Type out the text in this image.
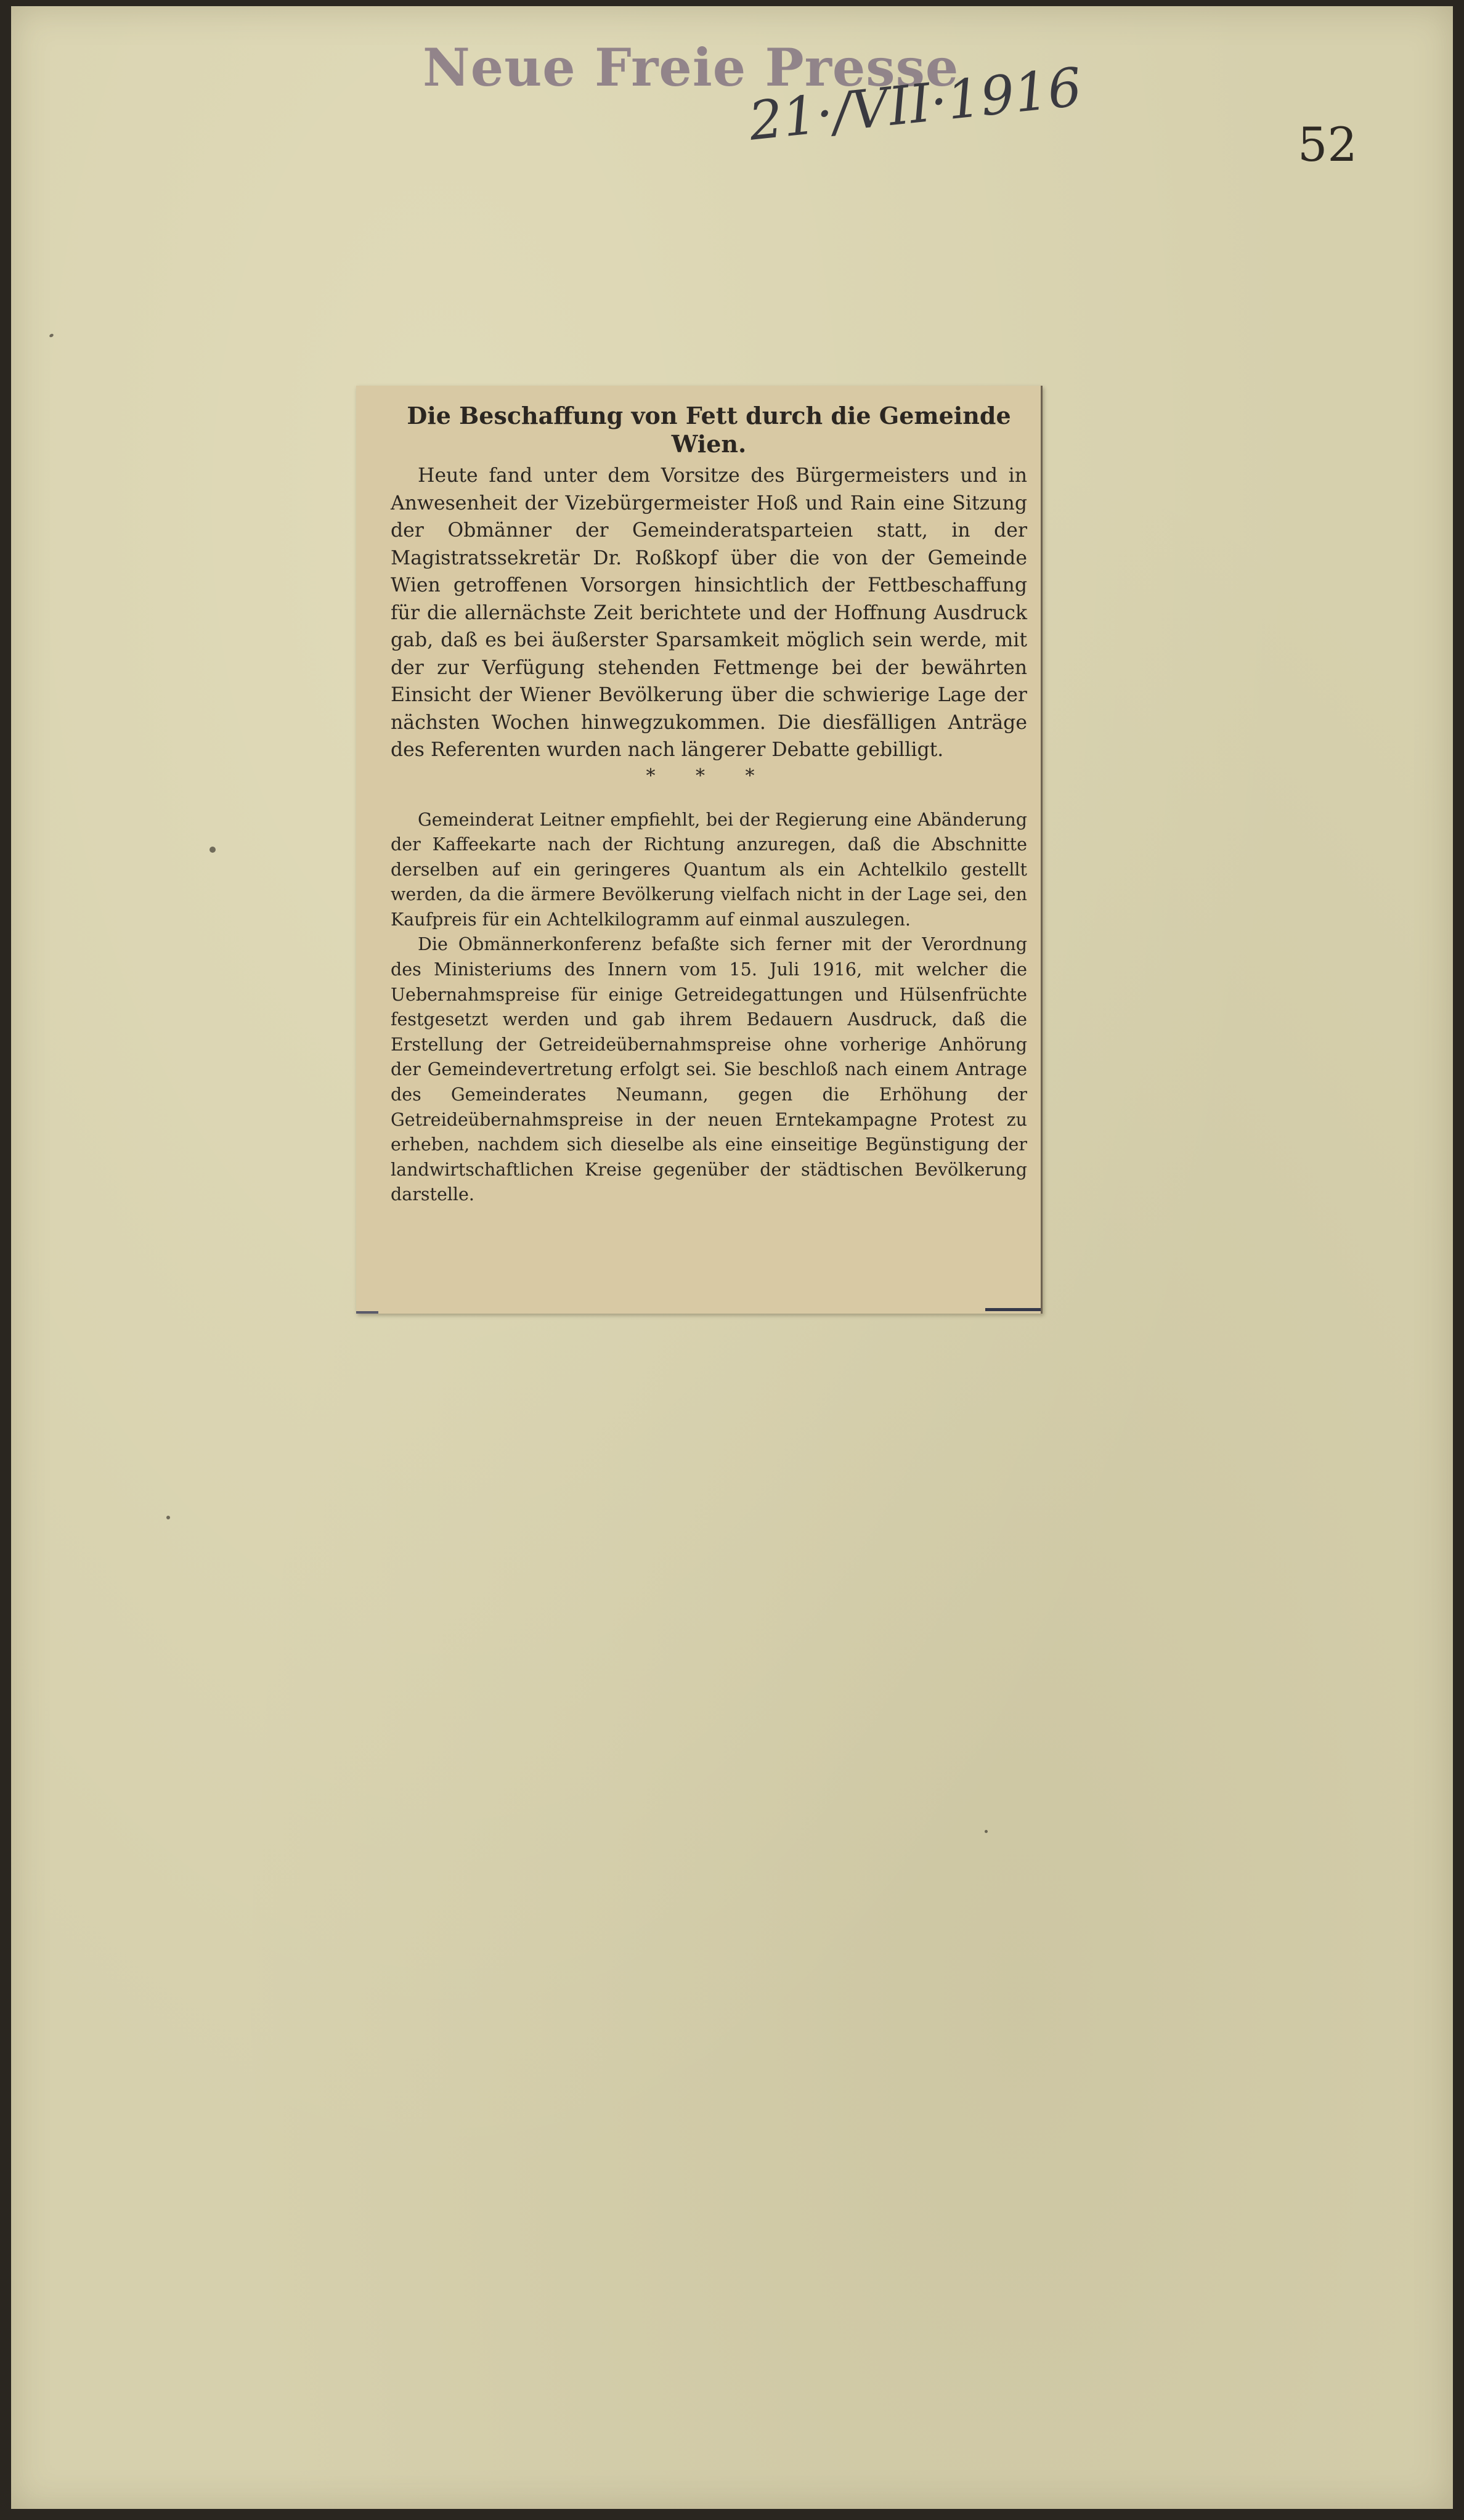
Neue Freie Presse
21·/VII·1916	52
Die Beschaffung von Fett durch die Gemeinde Wien.

Heute fand unter dem Vorsitze des Bürgermeisters und in Anwesenheit der Vizebürgermeister Hoß und Rain eine Sitzung der Obmänner der Gemeinderatsparteien statt, in der Magistratssekretär Dr. Roßkopf über die von der Gemeinde Wien getroffenen Vorsorgen hinsichtlich der Fettbeschaffung für die allernächste Zeit berichtete und der Hoffnung Ausdruck gab, daß es bei äußerster Sparsamkeit möglich sein werde, mit der zur Verfügung stehenden Fettmenge bei der bewährten Einsicht der Wiener Bevölkerung über die schwierige Lage der nächsten Wochen hinwegzukommen. Die diesfälligen Anträge des Referenten wurden nach längerer Debatte gebilligt.

* * *

Gemeinderat Leitner empfiehlt, bei der Regierung eine Abänderung der Kaffeekarte nach der Richtung anzuregen, daß die Abschnitte derselben auf ein geringeres Quantum als ein Achtelkilo gestellt werden, da die ärmere Bevölkerung vielfach nicht in der Lage sei, den Kaufpreis für ein Achtelkilogramm auf einmal auszulegen.

Die Obmännerkonferenz befaßte sich ferner mit der Verordnung des Ministeriums des Innern vom 15. Juli 1916, mit welcher die Uebernahmspreise für einige Getreidegattungen und Hülsenfrüchte festgesetzt werden und gab ihrem Bedauern Ausdruck, daß die Erstellung der Getreideübernahmspreise ohne vorherige Anhörung der Gemeindevertretung erfolgt sei. Sie beschloß nach einem Antrage des Gemeinderates Neumann, gegen die Erhöhung der Getreideübernahmspreise in der neuen Erntekampagne Protest zu erheben, nachdem sich dieselbe als eine einseitige Begünstigung der landwirtschaftlichen Kreise gegenüber der städtischen Bevölkerung darstelle.
